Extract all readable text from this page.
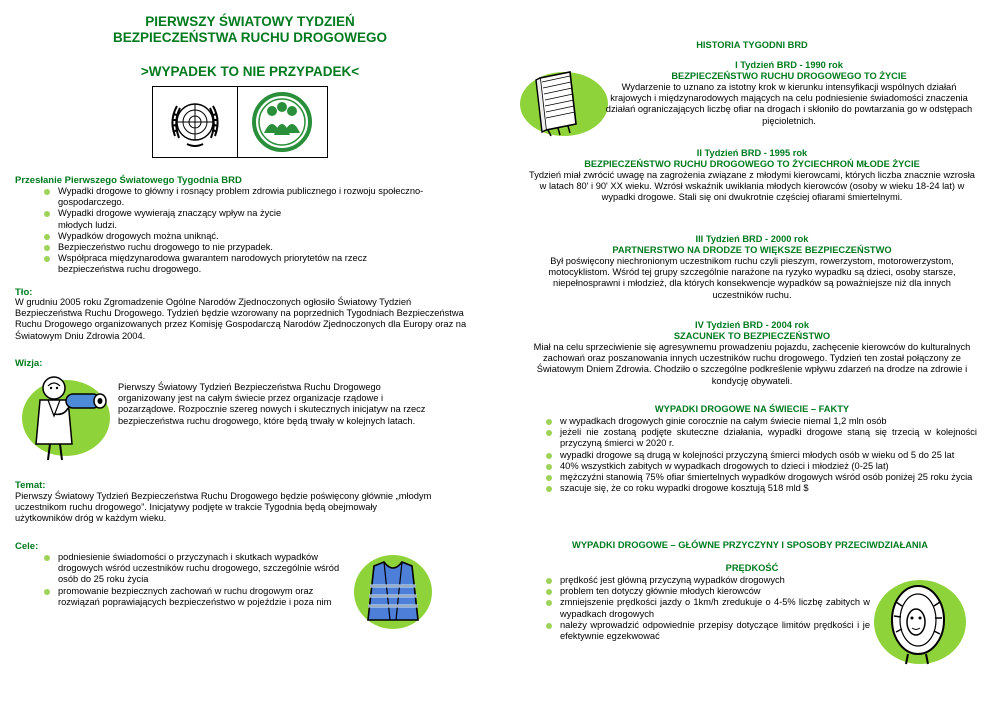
PIERWSZY ŚWIATOWY TYDZIEŃ
BEZPIECZEŃSTWA RUCHU DROGOWEGO
>WYPADEK TO NIE PRZYPADEK<
Przesłanie Pierwszego Światowego Tygodnia BRD
Wypadki drogowe to główny i rosnący problem zdrowia publicznego i rozwoju społeczno-gospodarczego.
Wypadki drogowe wywierają znaczący wpływ na życie młodych ludzi.
Wypadków drogowych można uniknąć.
Bezpieczeństwo ruchu drogowego to nie przypadek.
Współpraca międzynarodowa gwarantem narodowych priorytetów na rzecz bezpieczeństwa ruchu drogowego.
Tło:
W grudniu 2005 roku Zgromadzenie Ogólne Narodów Zjednoczonych ogłosiło Światowy Tydzień Bezpieczeństwa Ruchu Drogowego. Tydzień będzie wzorowany na poprzednich Tygodniach Bezpieczeństwa Ruchu Drogowego organizowanych przez Komisję Gospodarczą Narodów Zjednoczonych dla Europy oraz na Światowym Dniu Zdrowia 2004.
Wizja:
Pierwszy Światowy Tydzień Bezpieczeństwa Ruchu Drogowego organizowany jest na całym świecie przez organizacje rządowe i pozarządowe. Rozpocznie szereg nowych i skutecznych inicjatyw na rzecz bezpieczeństwa ruchu drogowego, które będą trwały w kolejnych latach.
Temat:
Pierwszy Światowy Tydzień Bezpieczeństwa Ruchu Drogowego będzie poświęcony głównie „młodym uczestnikom ruchu drogowego”. Inicjatywy podjęte w trakcie Tygodnia będą obejmowały użytkowników dróg w każdym wieku.
Cele:
podniesienie świadomości o przyczynach i skutkach wypadków drogowych wśród uczestników ruchu drogowego, szczególnie wśród osób do 25 roku życia
promowanie bezpiecznych zachowań w ruchu drogowym oraz rozwiązań poprawiających bezpieczeństwo w pojeździe i poza nim
HISTORIA TYGODNI BRD
I Tydzień BRD - 1990 rok
BEZPIECZEŃSTWO RUCHU DROGOWEGO TO ŻYCIE
Wydarzenie to uznano za istotny krok w kierunku intensyfikacji wspólnych działań krajowych i międzynarodowych mających na celu podniesienie świadomości znaczenia działań ograniczających liczbę ofiar na drogach i skłoniło do powtarzania go w odstępach pięcioletnich.
II Tydzień BRD - 1995 rok
BEZPIECZEŃSTWO RUCHU DROGOWEGO TO ŻYCIECHROŃ MŁODE ŻYCIE
Tydzień miał zwrócić uwagę na zagrożenia związane z młodymi kierowcami, których liczba znacznie wzrosła w latach 80' i 90' XX wieku. Wzrósł wskaźnik uwikłania młodych kierowców (osoby w wieku 18-24 lat) w wypadki drogowe. Stali się oni dwukrotnie częściej ofiarami śmiertelnymi.
III Tydzień BRD - 2000 rok
PARTNERSTWO NA DRODZE TO WIĘKSZE BEZPIECZEŃSTWO
Był poświęcony niechronionym uczestnikom ruchu czyli pieszym, rowerzystom, motorowerzystom, motocyklistom. Wśród tej grupy szczególnie narażone na ryzyko wypadku są dzieci, osoby starsze, niepełnosprawni i młodzież, dla których konsekwencje wypadków są poważniejsze niż dla innych uczestników ruchu.
IV Tydzień BRD - 2004 rok
SZACUNEK TO BEZPIECZEŃSTWO
Miał na celu sprzeciwienie się agresywnemu prowadzeniu pojazdu, zachęcenie kierowców do kulturalnych zachowań oraz poszanowania innych uczestników ruchu drogowego. Tydzień ten został połączony ze Światowym Dniem Zdrowia. Chodziło o szczególne podkreślenie wpływu zdarzeń na drodze na zdrowie i kondycję obywateli.
WYPADKI DROGOWE NA ŚWIECIE – FAKTY
w wypadkach drogowych ginie corocznie na całym świecie niemal 1,2 mln osób
jeżeli nie zostaną podjęte skuteczne działania, wypadki drogowe staną się trzecią w kolejności przyczyną śmierci w 2020 r.
wypadki drogowe są drugą w kolejności przyczyną śmierci młodych osób w wieku od 5 do 25 lat
40% wszystkich zabitych w wypadkach drogowych to dzieci i młodzież (0-25 lat)
mężczyźni stanowią 75% ofiar śmiertelnych wypadków drogowych wśród osób poniżej 25 roku życia
szacuje się, że co roku wypadki drogowe kosztują 518 mld $
WYPADKI DROGOWE – GŁÓWNE PRZYCZYNY I SPOSOBY PRZECIWDZIAŁANIA
PRĘDKOŚĆ
prędkość jest główną przyczyną wypadków drogowych
problem ten dotyczy głównie młodych kierowców
zmniejszenie prędkości jazdy o 1km/h zredukuje o 4-5% liczbę zabitych w wypadkach drogowych
należy wprowadzić odpowiednie przepisy dotyczące limitów prędkości i je efektywnie egzekwować
